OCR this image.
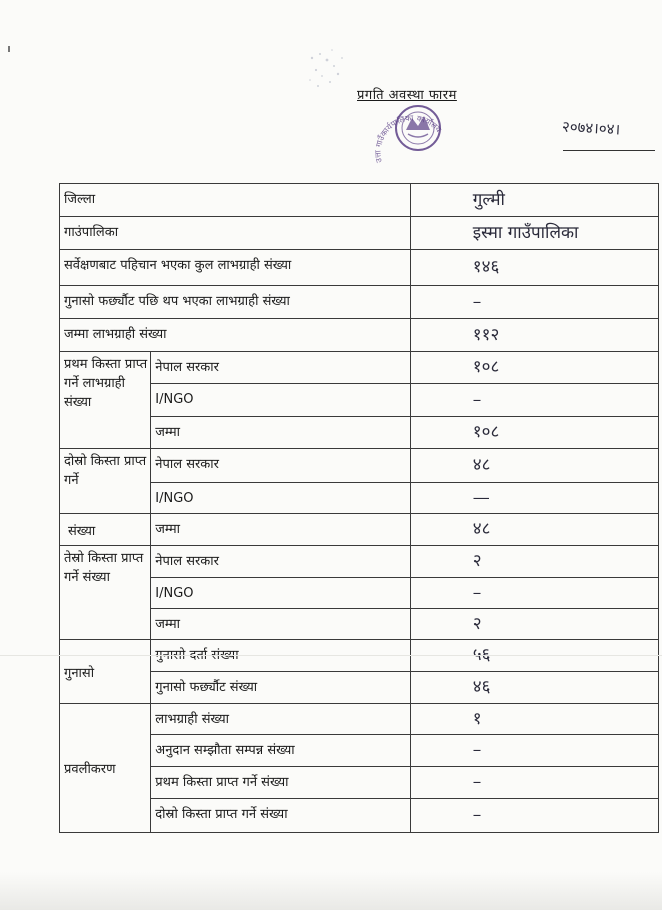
प्रगति अवस्था फारम
उत्ता गाउँकार्यपालिका कार्यालय	२०७४।०४।
जिल्ला		गुल्मी
गाउंपालिका		इस्मा गाउँपालिका
सर्वेक्षणबाट पहिचान भएका कुल लाभग्राही संख्या		१४६
गुनासो फर्छ्यौट पछि थप भएका लाभग्राही संख्या		–
जम्मा लाभग्राही संख्या		११२
प्रथम किस्ता प्राप्त गर्ने लाभग्राही संख्या	नेपाल सरकार	१०८
	I/NGO	–
	जम्मा	१०८
दोस्रो किस्ता प्राप्त गर्ने	नेपाल सरकार	४८
	I/NGO	—
संख्या	जम्मा	४८
तेस्रो किस्ता प्राप्त गर्ने संख्या	नेपाल सरकार	२
	I/NGO	–
	जम्मा	२
गुनासो	गुनासो दर्ता संख्या	५६
	गुनासो फर्छ्यौट संख्या	४६
प्रवलीकरण	लाभग्राही संख्या	१
	अनुदान सम्झौता सम्पन्न संख्या	–
	प्रथम किस्ता प्राप्त गर्ने संख्या	–
	दोस्रो किस्ता प्राप्त गर्ने संख्या	–
